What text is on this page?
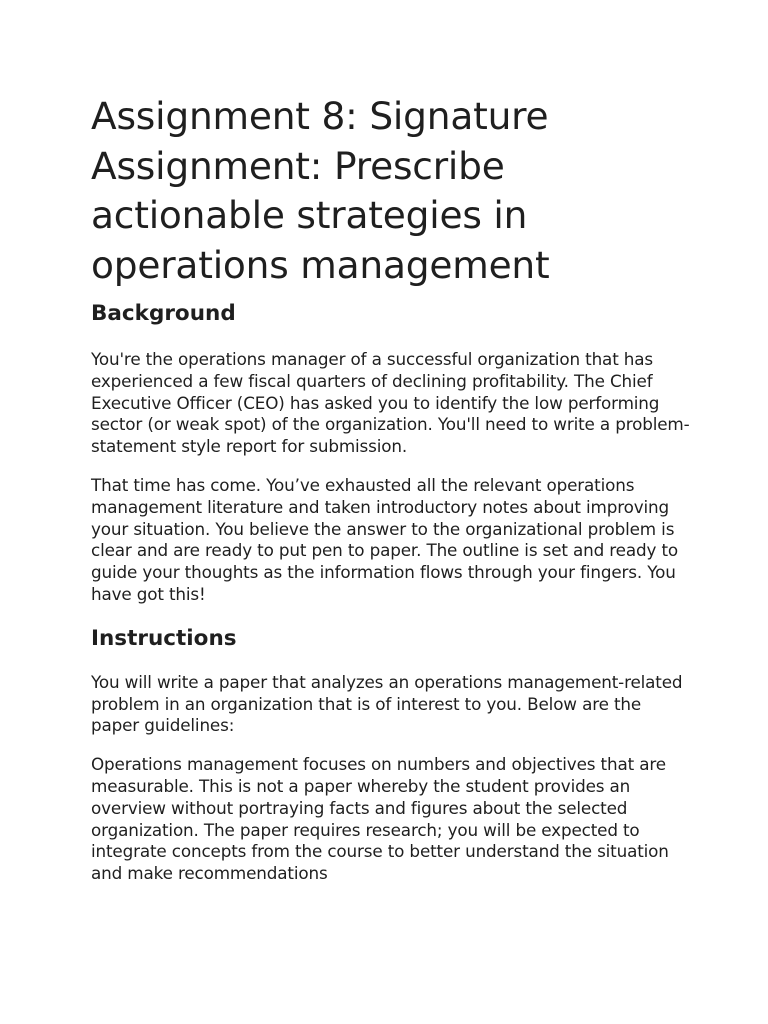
Assignment 8: Signature Assignment: Prescribe actionable strategies in operations management
Background

You're the operations manager of a successful organization that has experienced a few fiscal quarters of declining profitability. The Chief Executive Officer (CEO) has asked you to identify the low performing sector (or weak spot) of the organization. You'll need to write a problem-statement style report for submission.

That time has come. You’ve exhausted all the relevant operations management literature and taken introductory notes about improving your situation. You believe the answer to the organizational problem is clear and are ready to put pen to paper. The outline is set and ready to guide your thoughts as the information flows through your fingers. You have got this!

Instructions

You will write a paper that analyzes an operations management-related problem in an organization that is of interest to you. Below are the paper guidelines:

Operations management focuses on numbers and objectives that are measurable. This is not a paper whereby the student provides an overview without portraying facts and figures about the selected organization. The paper requires research; you will be expected to integrate concepts from the course to better understand the situation and make recommendations
